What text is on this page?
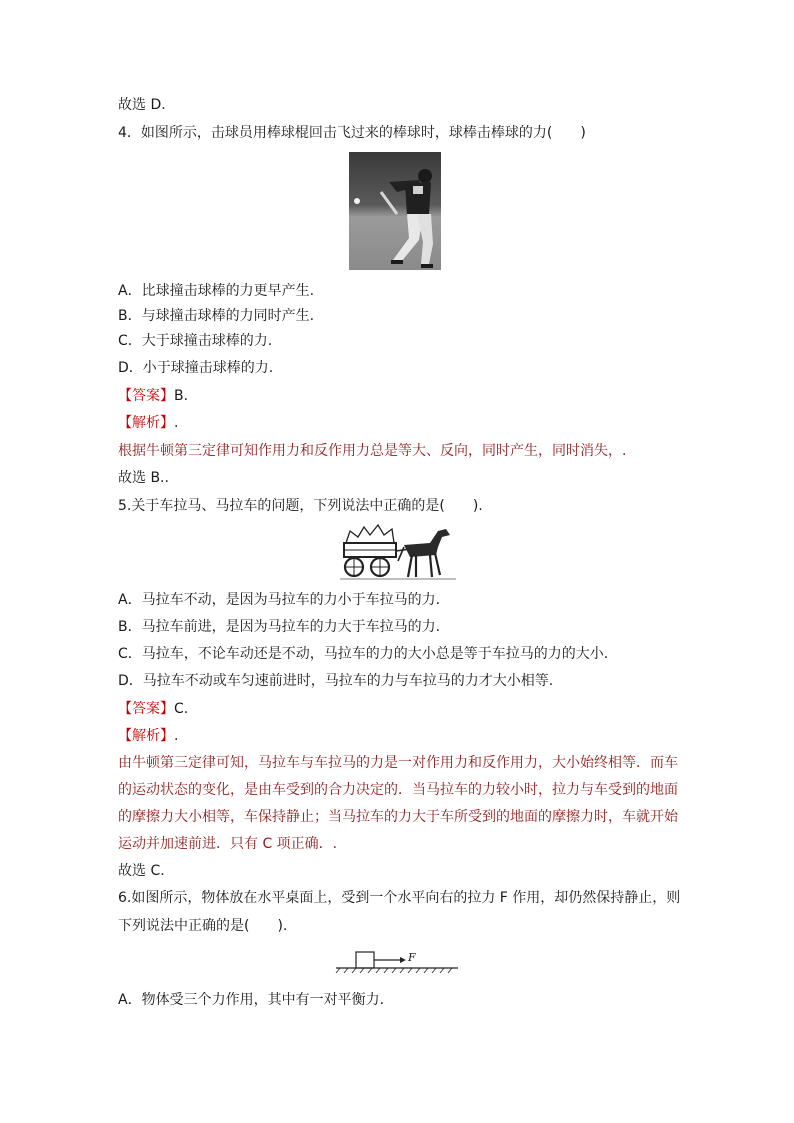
故选 D.
4．如图所示，击球员用棒球棍回击飞过来的棒球时，球棒击棒球的力(　　)
A．比球撞击球棒的力更早产生.
B．与球撞击球棒的力同时产生.
C．大于球撞击球棒的力.
D．小于球撞击球棒的力.
【答案】B.
【解析】.
根据牛顿第三定律可知作用力和反作用力总是等大、反向，同时产生，同时消失，.
故选 B..
5.关于车拉马、马拉车的问题，下列说法中正确的是(　　).
A．马拉车不动，是因为马拉车的力小于车拉马的力.
B．马拉车前进，是因为马拉车的力大于车拉马的力.
C．马拉车，不论车动还是不动，马拉车的力的大小总是等于车拉马的力的大小.
D．马拉车不动或车匀速前进时，马拉车的力与车拉马的力才大小相等.
【答案】C.
【解析】.
由牛顿第三定律可知，马拉车与车拉马的力是一对作用力和反作用力，大小始终相等．而车
的运动状态的变化，是由车受到的合力决定的．当马拉车的力较小时，拉力与车受到的地面
的摩擦力大小相等，车保持静止；当马拉车的力大于车所受到的地面的摩擦力时，车就开始
运动并加速前进．只有 C 项正确．.
故选 C.
6.如图所示，物体放在水平桌面上，受到一个水平向右的拉力 F 作用，却仍然保持静止，则
下列说法中正确的是(　　).
F
A．物体受三个力作用，其中有一对平衡力.
